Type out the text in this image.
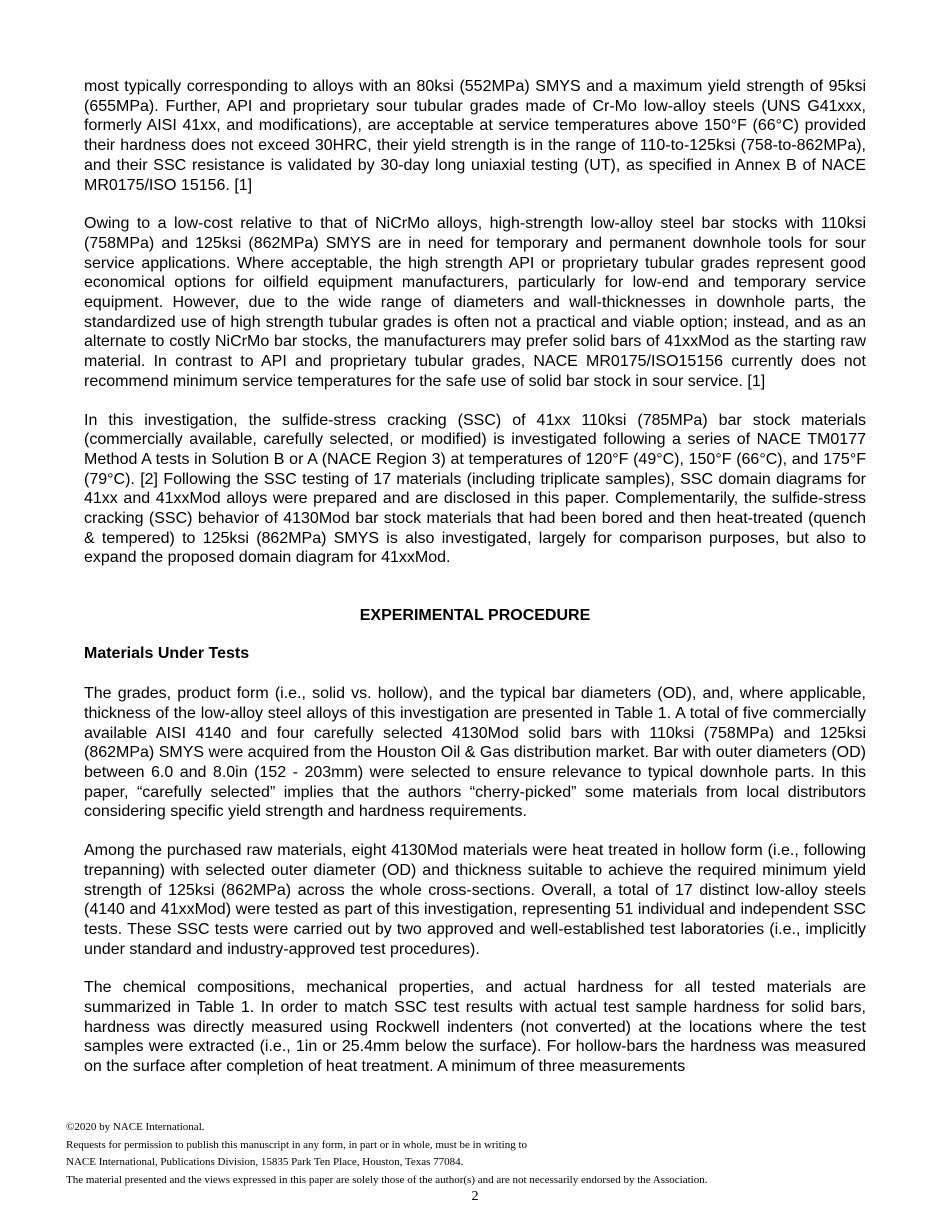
most typically corresponding to alloys with an 80ksi (552MPa) SMYS and a maximum yield strength of 95ksi (655MPa). Further, API and proprietary sour tubular grades made of Cr-Mo low-alloy steels (UNS G41xxx, formerly AISI 41xx, and modifications), are acceptable at service temperatures above 150°F (66°C) provided their hardness does not exceed 30HRC, their yield strength is in the range of 110-to-125ksi (758-to-862MPa), and their SSC resistance is validated by 30-day long uniaxial testing (UT), as specified in Annex B of NACE MR0175/ISO 15156. [1]

Owing to a low-cost relative to that of NiCrMo alloys, high-strength low-alloy steel bar stocks with 110ksi (758MPa) and 125ksi (862MPa) SMYS are in need for temporary and permanent downhole tools for sour service applications. Where acceptable, the high strength API or proprietary tubular grades represent good economical options for oilfield equipment manufacturers, particularly for low-end and temporary service equipment. However, due to the wide range of diameters and wall-thicknesses in downhole parts, the standardized use of high strength tubular grades is often not a practical and viable option; instead, and as an alternate to costly NiCrMo bar stocks, the manufacturers may prefer solid bars of 41xxMod as the starting raw material. In contrast to API and proprietary tubular grades, NACE MR0175/ISO15156 currently does not recommend minimum service temperatures for the safe use of solid bar stock in sour service. [1]

In this investigation, the sulfide-stress cracking (SSC) of 41xx 110ksi (785MPa) bar stock materials (commercially available, carefully selected, or modified) is investigated following a series of NACE TM0177 Method A tests in Solution B or A (NACE Region 3) at temperatures of 120°F (49°C), 150°F (66°C), and 175°F (79°C). [2] Following the SSC testing of 17 materials (including triplicate samples), SSC domain diagrams for 41xx and 41xxMod alloys were prepared and are disclosed in this paper. Complementarily, the sulfide-stress cracking (SSC) behavior of 4130Mod bar stock materials that had been bored and then heat-treated (quench & tempered) to 125ksi (862MPa) SMYS is also investigated, largely for comparison purposes, but also to expand the proposed domain diagram for 41xxMod.

EXPERIMENTAL PROCEDURE
Materials Under Tests

The grades, product form (i.e., solid vs. hollow), and the typical bar diameters (OD), and, where applicable, thickness of the low-alloy steel alloys of this investigation are presented in Table 1. A total of five commercially available AISI 4140 and four carefully selected 4130Mod solid bars with 110ksi (758MPa) and 125ksi (862MPa) SMYS were acquired from the Houston Oil & Gas distribution market. Bar with outer diameters (OD) between 6.0 and 8.0in (152 - 203mm) were selected to ensure relevance to typical downhole parts. In this paper, “carefully selected” implies that the authors “cherry-picked” some materials from local distributors considering specific yield strength and hardness requirements.

Among the purchased raw materials, eight 4130Mod materials were heat treated in hollow form (i.e., following trepanning) with selected outer diameter (OD) and thickness suitable to achieve the required minimum yield strength of 125ksi (862MPa) across the whole cross-sections. Overall, a total of 17 distinct low-alloy steels (4140 and 41xxMod) were tested as part of this investigation, representing 51 individual and independent SSC tests. These SSC tests were carried out by two approved and well-established test laboratories (i.e., implicitly under standard and industry-approved test procedures).

The chemical compositions, mechanical properties, and actual hardness for all tested materials are summarized in Table 1. In order to match SSC test results with actual test sample hardness for solid bars, hardness was directly measured using Rockwell indenters (not converted) at the locations where the test samples were extracted (i.e., 1in or 25.4mm below the surface). For hollow-bars the hardness was measured on the surface after completion of heat treatment. A minimum of three measurements

©2020 by NACE International.
Requests for permission to publish this manuscript in any form, in part or in whole, must be in writing to
NACE International, Publications Division, 15835 Park Ten Place, Houston, Texas 77084.
The material presented and the views expressed in this paper are solely those of the author(s) and are not necessarily endorsed by the Association.
2
